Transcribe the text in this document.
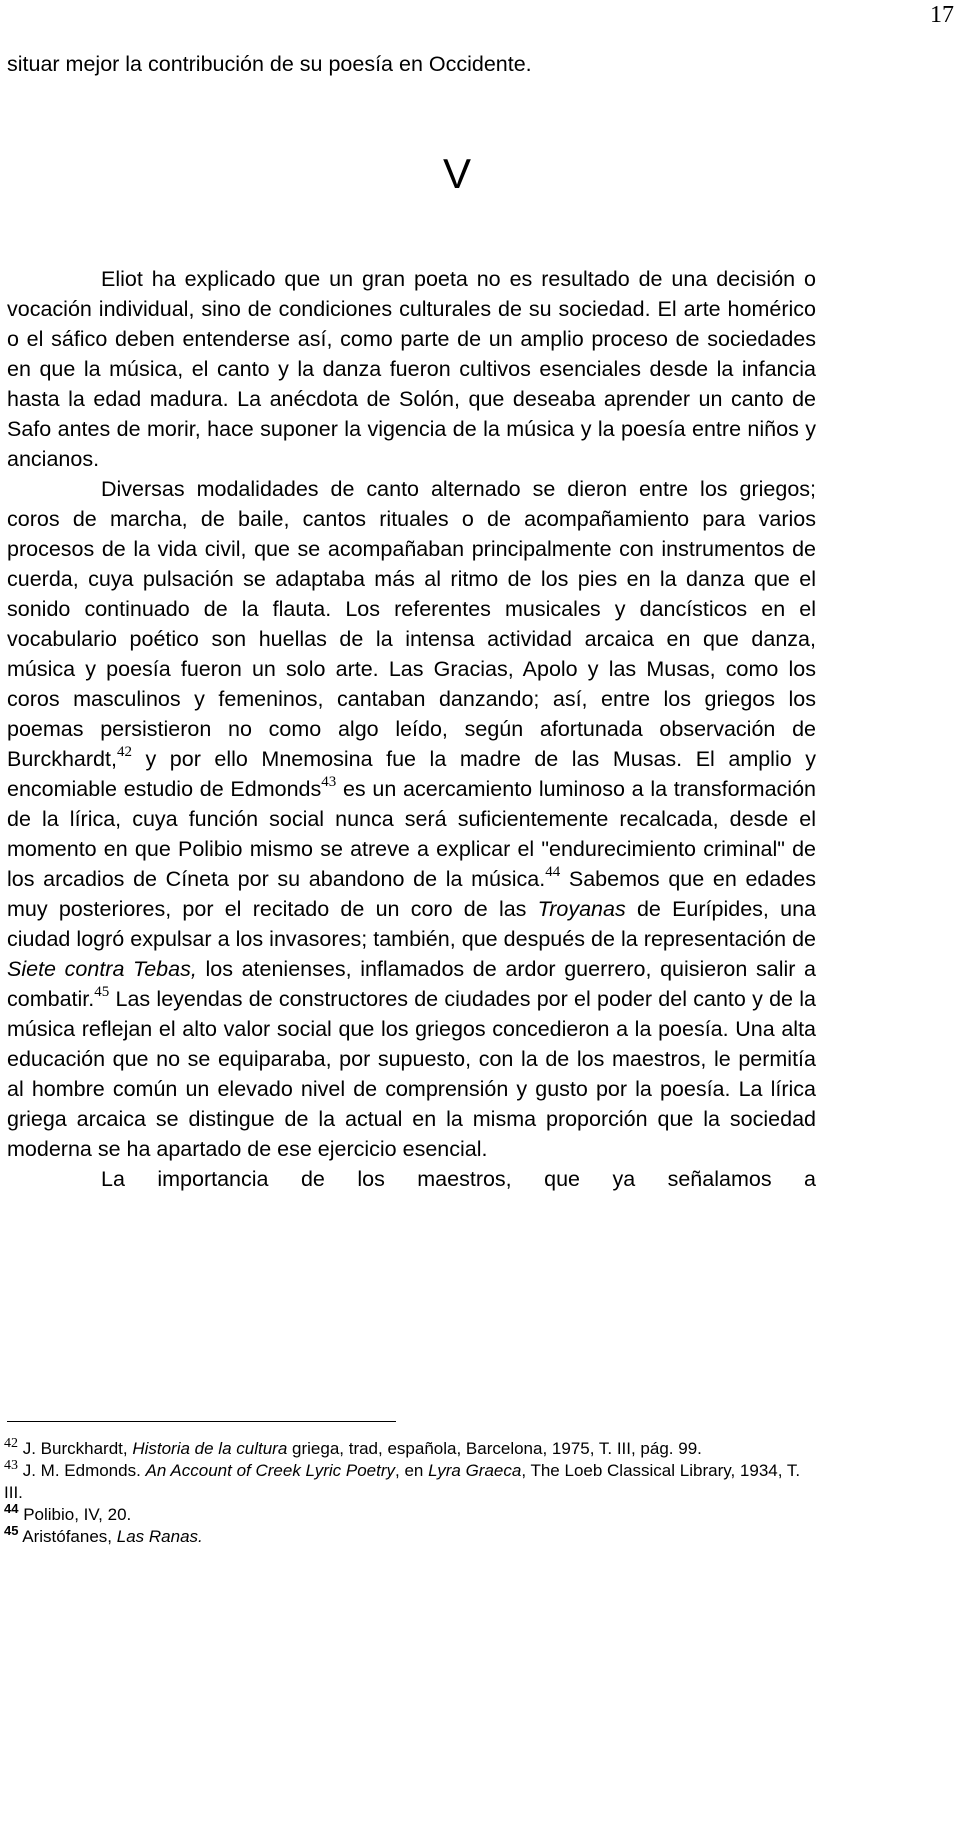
17
situar mejor la contribución de su poesía en Occidente.
V

Eliot ha explicado que un gran poeta no es resultado de una decisión o vocación individual, sino de condiciones culturales de su sociedad. El arte homérico o el sáfico deben entenderse así, como parte de un amplio proceso de sociedades en que la música, el canto y la danza fueron cultivos esenciales desde la infancia hasta la edad madura. La anécdota de Solón, que deseaba aprender un canto de Safo antes de morir, hace suponer la vigencia de la música y la poesía entre niños y ancianos.

Diversas modalidades de canto alternado se dieron entre los griegos; coros de marcha, de baile, cantos rituales o de acompañamiento para varios procesos de la vida civil, que se acompañaban principalmente con instrumentos de cuerda, cuya pulsación se adaptaba más al ritmo de los pies en la danza que el sonido continuado de la flauta. Los referentes musicales y dancísticos en el vocabulario poético son huellas de la intensa actividad arcaica en que danza, música y poesía fueron un solo arte. Las Gracias, Apolo y las Musas, como los coros masculinos y femeninos, cantaban danzando; así, entre los griegos los poemas persistieron no como algo leído, según afortunada observación de Burckhardt,$^{42}$ y por ello Mnemosina fue la madre de las Musas. El amplio y encomiable estudio de Edmonds$^{43}$ es un acercamiento luminoso a la transformación de la lírica, cuya función social nunca será suficientemente recalcada, desde el momento en que Polibio mismo se atreve a explicar el "endurecimiento criminal" de los arcadios de Cíneta por su abandono de la música.$^{44}$ Sabemos que en edades muy posteriores, por el recitado de un coro de las Troyanas de Eurípides, una ciudad logró expulsar a los invasores; también, que después de la representación de Siete contra Tebas, los atenienses, inflamados de ardor guerrero, quisieron salir a combatir.$^{45}$ Las leyendas de constructores de ciudades por el poder del canto y de la música reflejan el alto valor social que los griegos concedieron a la poesía. Una alta educación que no se equiparaba, por supuesto, con la de los maestros, le permitía al hombre común un elevado nivel de comprensión y gusto por la poesía. La lírica griega arcaica se distingue de la actual en la misma proporción que la sociedad moderna se ha apartado de ese ejercicio esencial.

La importancia de los maestros, que ya señalamos a

$^{42}$ J. Burckhardt, Historia de la cultura griega, trad, española, Barcelona, 1975, T. III, pág. 99.

$^{43}$ J. M. Edmonds. An Account of Creek Lyric Poetry, en Lyra Graeca, The Loeb Classical Library, 1934, T. III.

$^{44}$ Polibio, IV, 20.

$^{45}$ Aristófanes, Las Ranas.
